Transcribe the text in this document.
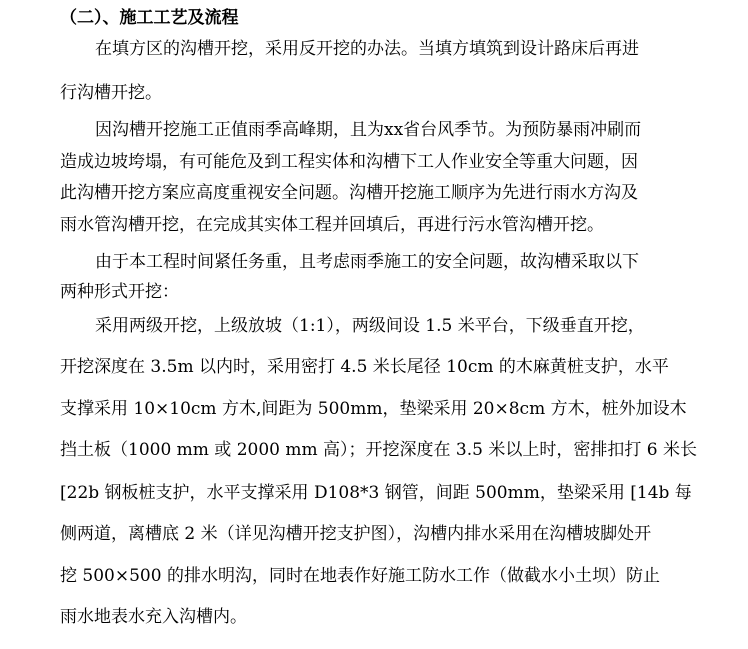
（二）、施工工艺及流程
在填方区的沟槽开挖，采用反开挖的办法。当填方填筑到设计路床后再进
行沟槽开挖。
因沟槽开挖施工正值雨季高峰期，且为xx省台风季节。为预防暴雨冲刷而
造成边坡垮塌，有可能危及到工程实体和沟槽下工人作业安全等重大问题，因
此沟槽开挖方案应高度重视安全问题。沟槽开挖施工顺序为先进行雨水方沟及
雨水管沟槽开挖，在完成其实体工程并回填后，再进行污水管沟槽开挖。
由于本工程时间紧任务重，且考虑雨季施工的安全问题，故沟槽采取以下
两种形式开挖：
采用两级开挖，上级放坡（1:1），两级间设 1.5 米平台，下级垂直开挖，
开挖深度在 3.5m 以内时，采用密打 4.5 米长尾径 10cm 的木麻黄桩支护，水平
支撑采用 10×10cm 方木,间距为 500mm，垫梁采用 20×8cm 方木，桩外加设木
挡土板（1000 mm 或 2000 mm 高）；开挖深度在 3.5 米以上时，密排扣打 6 米长
[22b 钢板桩支护，水平支撑采用 D108*3 钢管，间距 500mm，垫梁采用 [14b 每
侧两道，离槽底 2 米（详见沟槽开挖支护图），沟槽内排水采用在沟槽坡脚处开
挖 500×500 的排水明沟，同时在地表作好施工防水工作（做截水小土坝）防止
雨水地表水充入沟槽内。
